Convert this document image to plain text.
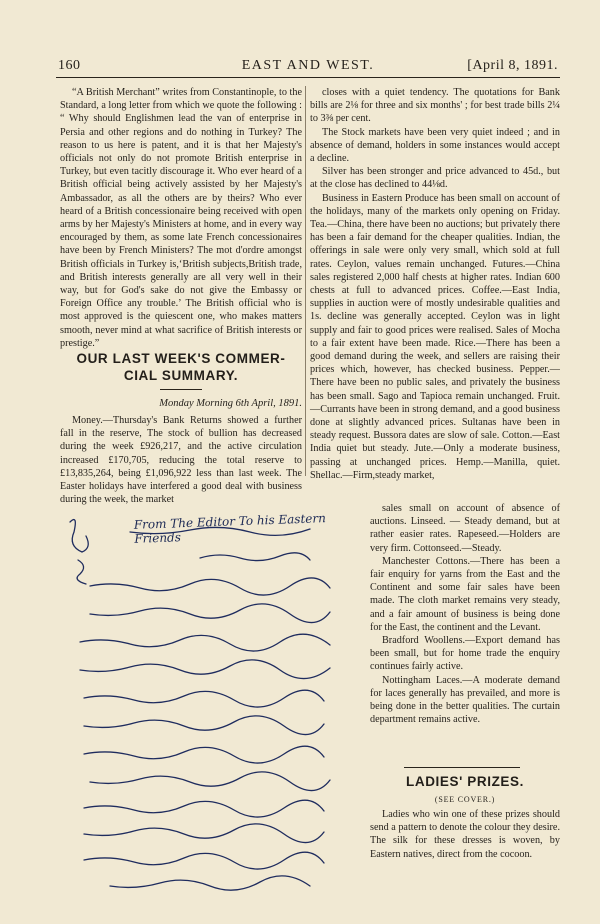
160	EAST AND WEST.	[April 8, 1891.

“A British Merchant” writes from Constantinople, to the Standard, a long letter from which we quote the following : “ Why should Englishmen lead the van of enterprise in Persia and other regions and do nothing in Turkey? The reason to us here is patent, and it is that her Majesty's officials not only do not promote British enterprise in Turkey, but even tacitly discourage it. Who ever heard of a British official being actively assisted by her Majesty's Ambassador, as all the others are by theirs? Who ever heard of a British concessionaire being received with open arms by her Majesty's Ministers at home, and in every way encouraged by them, as some late French concessionaires have been by French Ministers? The mot d'ordre amongst British officials in Turkey is,‘British subjects,British trade, and British interests generally are all very well in their way, but for God's sake do not give the Embassy or Foreign Office any trouble.’ The British official who is most approved is the quiescent one, who makes matters smooth, never mind at what sacrifice of British interests or prestige.”

OUR LAST WEEK'S COMMER-
CIAL SUMMARY.
Monday Morning 6th April, 1891.

Money.—Thursday's Bank Returns showed a further fall in the reserve, The stock of bullion has decreased during the week £926,217, and the active circulation increased £170,705, reducing the total reserve to £13,835,264, being £1,096,922 less than last week. The Easter holidays have interfered a good deal with business during the week, the market

closes with a quiet tendency. The quotations for Bank bills are 2⅛ for three and six months' ; for best trade bills 2¼ to 3⅜ per cent.

The Stock markets have been very quiet indeed ; and in absence of demand, holders in some instances would accept a decline.

Silver has been stronger and price advanced to 45d., but at the close has declined to 44⅛d.

Business in Eastern Produce has been small on account of the holidays, many of the markets only opening on Friday. Tea.—China, there have been no auctions; but privately there has been a fair demand for the cheaper qualities. Indian, the offerings in sale were only very small, which sold at full rates. Ceylon, values remain unchanged. Futures.—China sales registered 2,000 half chests at higher rates. Indian 600 chests at full to advanced prices. Coffee.—East India, supplies in auction were of mostly undesirable qualities and 1s. decline was generally accepted. Ceylon was in light supply and fair to good prices were realised. Sales of Mocha to a fair extent have been made. Rice.—There has been a good demand during the week, and sellers are raising their prices which, however, has checked business. Pepper.—There have been no public sales, and privately the business has been small. Sago and Tapioca remain unchanged. Fruit.—Currants have been in strong demand, and a good business done at slightly advanced prices. Sultanas have been in steady request. Bussora dates are slow of sale. Cotton.—East India quiet but steady. Jute.—Only a moderate business, passing at unchanged prices. Hemp.—Manilla, quiet. Shellac.—Firm,steady market,

From The Editor To his Eastern Friends

sales small on account of absence of auctions. Linseed. — Steady demand, but at rather easier rates. Rapeseed.—Holders are very firm. Cottonseed.—Steady.

Manchester Cottons.—There has been a fair enquiry for yarns from the East and the Continent and some fair sales have been made. The cloth market remains very steady, and a fair amount of business is being done for the East, the continent and the Levant.

Bradford Woollens.—Export demand has been small, but for home trade the enquiry continues fairly active.

Nottingham Laces.—A moderate demand for laces generally has prevailed, and more is being done in the better qualities. The curtain department remains active.

LADIES' PRIZES.
(SEE COVER.)

Ladies who win one of these prizes should send a pattern to denote the colour they desire. The silk for these dresses is woven, by Eastern natives, direct from the cocoon.
